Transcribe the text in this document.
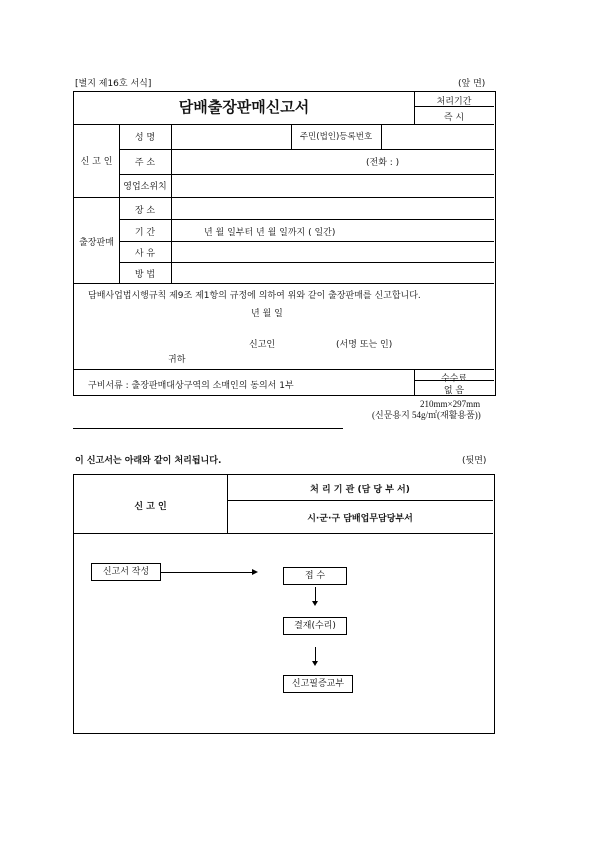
[별지 제16호 서식]	(앞 면)
담배출장판매신고서	처리기간
즉 시
신 고 인
성 명	주민(법인)등록번호
주 소	(전화 : )
영업소위치
출장판매
장 소
기 간	년 월 일부터 년 월 일까지 ( 일간)
사 유
방 법
담배사업법시행규칙 제9조 제1항의 규정에 의하여 위와 같이 출장판매를 신고합니다.
년 월 일
신고인	(서명 또는 인)
귀하
구비서류 : 출장판매대상구역의 소매인의 동의서 1부
수수료
없 음
210mm×297mm
(신문용지 54g/㎡(재활용품))
이 신고서는 아래와 같이 처리됩니다.	(뒷면)
신 고 인
처 리 기 관 (담 당 부 서)
시·군·구 담배업무담당부서
신고서 작성	접 수
결재(수리)
신고필증교부
